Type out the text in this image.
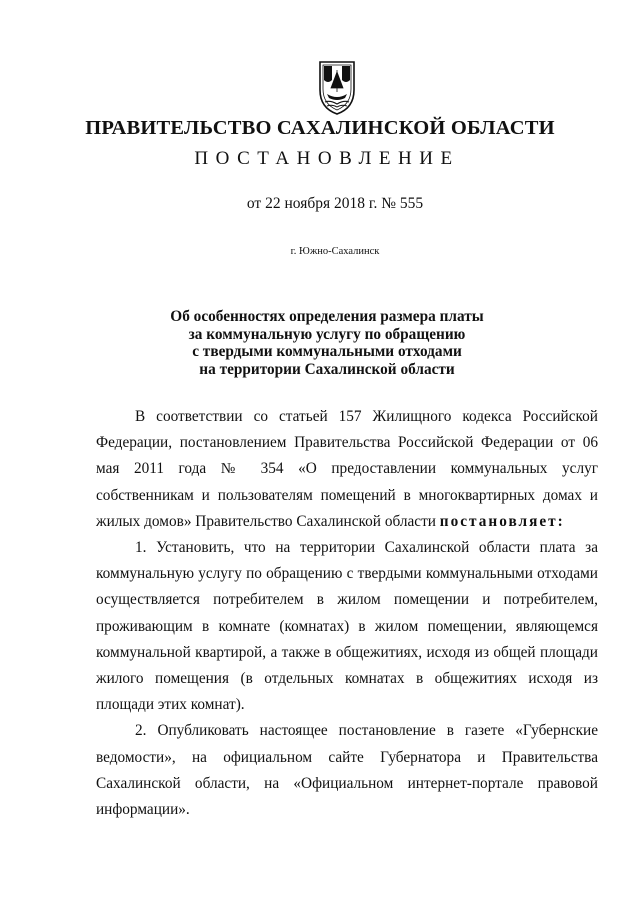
ПРАВИТЕЛЬСТВО САХАЛИНСКОЙ ОБЛАСТИ
ПОСТАНОВЛЕНИЕ
от 22 ноября 2018 г. № 555
г. Южно-Сахалинск
Об особенностях определения размера платы
за коммунальную услугу по обращению
с твердыми коммунальными отходами
на территории Сахалинской области

В соответствии со статьей 157 Жилищного кодекса Российской Федерации, постановлением Правительства Российской Федерации от 06 мая 2011 года № 354 «О предоставлении коммунальных услуг собственникам и пользователям помещений в многоквартирных домах и жилых домов» Правительство Сахалинской области постановляет:

1. Установить, что на территории Сахалинской области плата за коммунальную услугу по обращению с твердыми коммунальными отходами осуществляется потребителем в жилом помещении и потребителем, проживающим в комнате (комнатах) в жилом помещении, являющемся коммунальной квартирой, а также в общежитиях, исходя из общей площади жилого помещения (в отдельных комнатах в общежитиях исходя из площади этих комнат).

2. Опубликовать настоящее постановление в газете «Губернские ведомости», на официальном сайте Губернатора и Правительства Сахалинской области, на «Официальном интернет-портале правовой информации».
